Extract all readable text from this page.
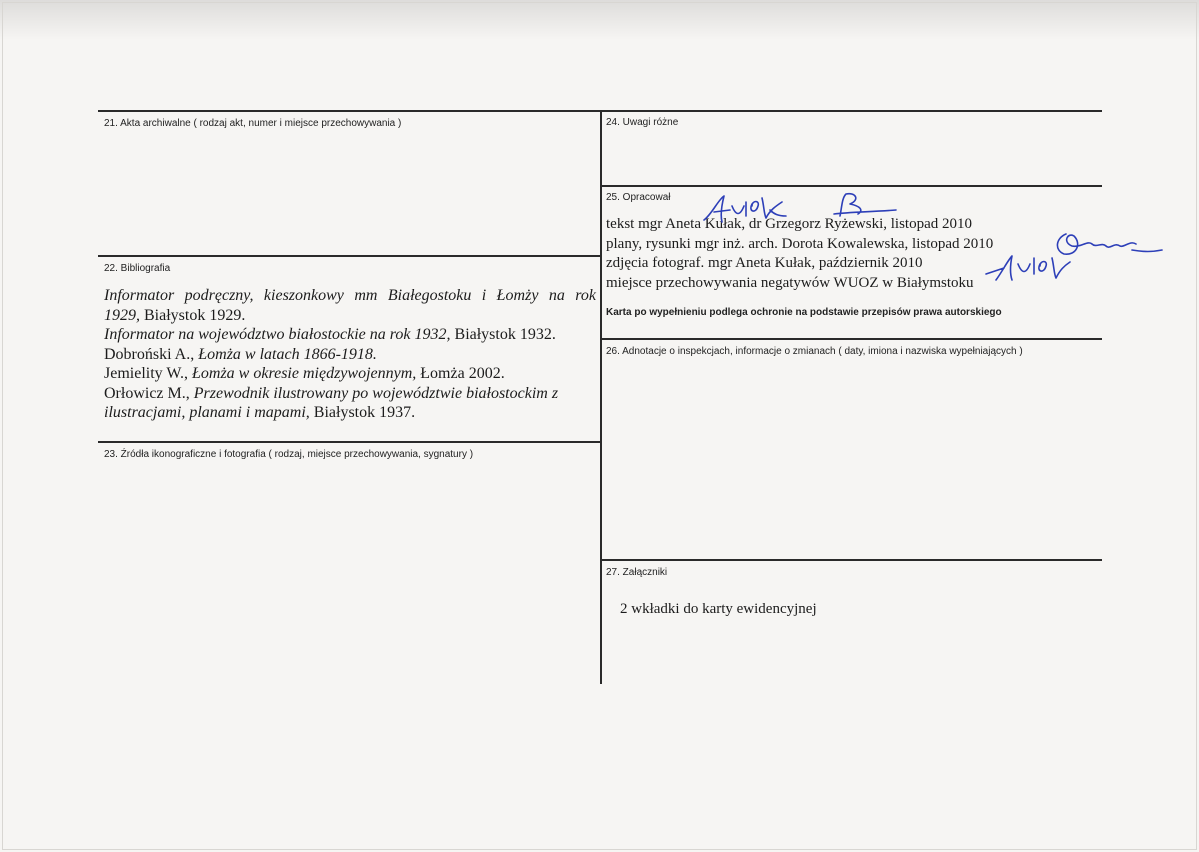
21. Akta archiwalne ( rodzaj akt, numer i miejsce przechowywania )
22. Bibliografia
23. Źródła ikonograficzne i fotografia ( rodzaj, miejsce przechowywania, sygnatury )
24. Uwagi różne
25. Opracował
26. Adnotacje o inspekcjach, informacje o zmianach ( daty, imiona i nazwiska wypełniających )
27. Załączniki
Informator podręczny, kieszonkowy mm Białegostoku i Łomży na rok
1929, Białystok 1929.
Informator na województwo białostockie na rok 1932, Białystok 1932.
Dobroński A., Łomża w latach 1866-1918.
Jemielity W., Łomża w okresie międzywojennym, Łomża 2002.
Orłowicz M., Przewodnik ilustrowany po województwie białostockim z
ilustracjami, planami i mapami, Białystok 1937.
tekst mgr Aneta Kułak, dr Grzegorz Ryżewski, listopad 2010
plany, rysunki mgr inż. arch. Dorota Kowalewska, listopad 2010
zdjęcia fotograf. mgr Aneta Kułak, październik 2010
miejsce przechowywania negatywów WUOZ w Białymstoku
Karta po wypełnieniu podlega ochronie na podstawie przepisów prawa autorskiego
2 wkładki do karty ewidencyjnej
